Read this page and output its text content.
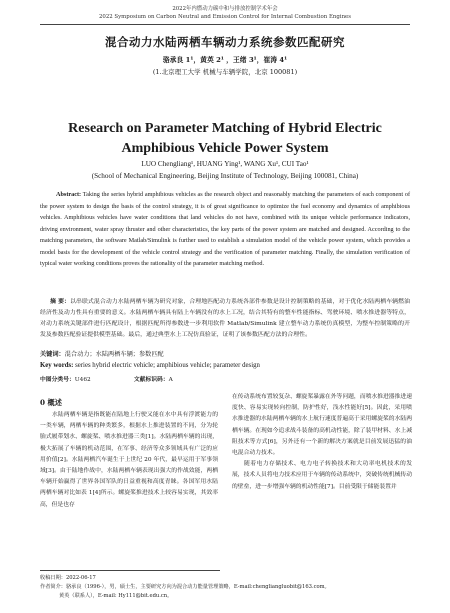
2022年内燃动力碳中和与排放控制学术年会
2022 Symposium on Carbon Neutral and Emission Control for Internal Combustion Engines
混合动力水陆两栖车辆动力系统参数匹配研究
骆承良 1¹，黄英 2¹ ，王绪 3¹，崔涛 4¹
(1.北京理工大学 机械与车辆学院，北京 100081)
Research on Parameter Matching of Hybrid Electric
Amphibious Vehicle Power System
LUO Chengliang¹, HUANG Ying¹, WANG Xu¹, CUI Tao¹
(School of Mechanical Engineering, Beijing Institute of Technology, Beijing 100081, China)
Abstract: Taking the series hybrid amphibious vehicles as the research object and reasonably matching the parameters of each component of the power system to design the basis of the control strategy, it is of great significance to optimize the fuel economy and dynamics of amphibious vehicles. Amphibious vehicles have water conditions that land vehicles do not have, combined with its unique vehicle performance indicators, driving environment, water spray thruster and other characteristics, the key parts of the power system are matched and designed. According to the matching parameters, the software Matlab/Simulink is further used to establish a simulation model of the vehicle power system, which provides a model basis for the development of the vehicle control strategy and the verification of parameter matching. Finally, the simulation verification of typical water working conditions proves the rationality of the parameter matching method.
摘 要：以串联式混合动力水陆两栖车辆为研究对象，合理地匹配动力系统各部件参数是设计控制策略的基础，对于优化水陆两栖车辆燃油经济性及动力性具有重要的意义。水陆两栖车辆具有陆上车辆没有的水上工况，结合其特有的整车性能指标、驾驶环境、喷水推进器等特点，对动力系统关键部件进行匹配设计，根据匹配所得参数进一步利用软件 Matlab/Simulink 建立整车动力系统仿真模型，为整车控制策略的开发及参数匹配验证提供模型基础。最后，通过典型水上工况仿真验证，证明了该参数匹配方法的合理性。
关键词：混合动力；水陆两栖车辆；参数匹配
Key words: series hybrid electric vehicle; amphibious vehicle; parameter design
中图分类号：U462	文献标识码：A
0 概述
水陆两栖车辆是指既能在陆地上行驶又能在水中具有浮渡能力的一类车辆，两栖车辆的种类繁多，根据水上推进装置的不同，分为轮胎式履带划水、螺旋桨、喷水推进器三类[1]。水陆两栖车辆的出现，极大拓展了车辆的机动范围，在军事、经济等众多领域具有广泛的应用价值[2]。水陆两栖汽车诞生于上世纪 20 年代，最早运用于军事领域[3]。由于陆地作战中，水陆两栖车辆表现出强大的作战效能，两栖车辆开始赢得了世界各国军队的日益重视和高度青睐。各国军用水陆两栖车辆对比如表 1[4]所示。螺旋桨推进技术上较容易实现，其效率高，但是也存
在传动系统布置较复杂、螺旋桨暴露在外等问题，而喷水推进器推进速度快、容易实现转向控制，防护性好，浅水性能好[5]。因此，采用喷水推进器的水陆两栖车辆的水上航行速度普遍高于采用螺旋桨的水陆两栖车辆。在现如今追求战斗装备的高机动性能，除了装甲材料、水上减阻技术等方式[6]，另外还有一个新的解决方案就是目前发展迅猛的油电混合动力技术。
随着电力存储技术、电力电子转换技术和大功率电机技术的发展，技术人员将电力技术应用于车辆的传动系统中，突破传统机械传动的壁垒，进一步增强车辆的机动性能[7]。目前受限于储能装置并
收稿日期：2022-06-17
作者简介：骆承良（1996-），男，硕士生，主要研究方向为混合动力能量管理策略，E-mail:chengliangluobit@163.com。
黄英（联系人），E-mail: Hy111@bit.edu.cn。
